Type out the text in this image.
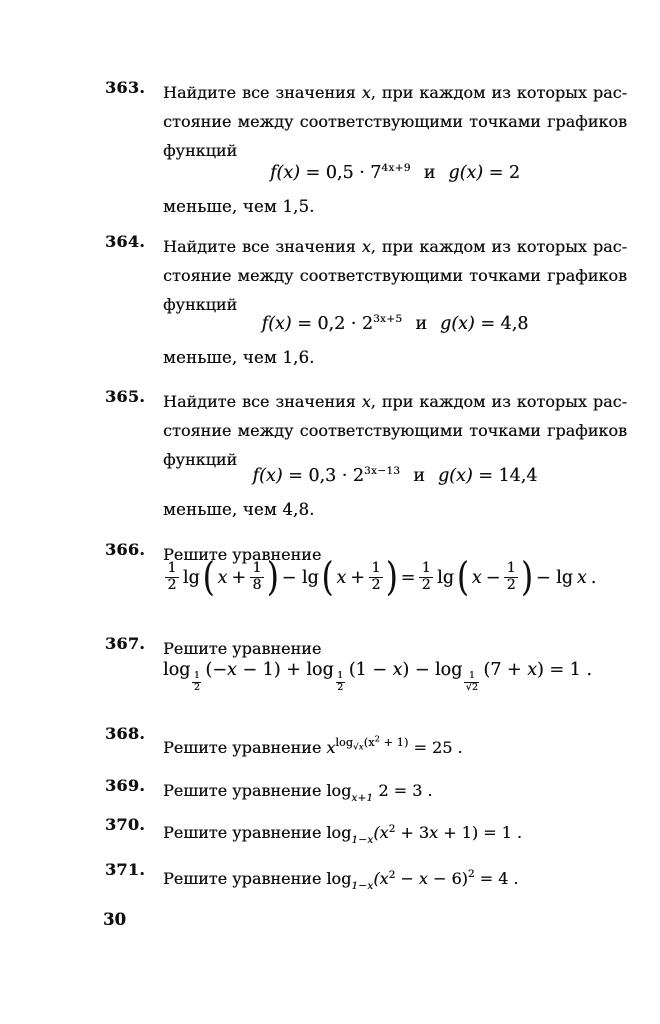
363. Найдите все значения x, при каждом из которых рас-
стояние между соответствующими точками графиков
функций
$f(x) = 0,5 \cdot 7^{4x+9}$ и g(x) = 2
меньше, чем 1,5.
364. Найдите все значения x, при каждом из которых рас-
стояние между соответствующими точками графиков
функций
$f(x) = 0,2 \cdot 2^{3x+5}$ и g(x) = 4,8
меньше, чем 1,6.
365. Найдите все значения x, при каждом из которых рас-
стояние между соответствующими точками графиков
функций
$f(x) = 0,3 \cdot 2^{3x-13}$ и g(x) = 14,4
меньше, чем 4,8.
366. Решите уравнение
$\frac{1}{2}$ lg ( $x + \frac{1}{8}$ ) − lg ( $x + \frac{1}{2}$ ) = $\frac{1}{2}$ lg ( $x - \frac{1}{2}$ ) − lg x .
367. Решите уравнение
$\log\frac{1}{2}$
$(-x - 1) + \log\frac{1}{2}$
$(1 - x) - \log\frac{1}{√2}$
(7 + x) = 1 .
368.
Решите уравнение $x^{log_{√x}(x^2 + 1)} = 25$ .
369. Решите уравнение $\log_{x+1} 2 = 3$ .
370. Решите уравнение $\log_{1-x}(x^2 + 3x + 1) = 1$ .
371. Решите уравнение $\log_{1-x}(x^2 - x - 6)^2 = 4$ .
30
